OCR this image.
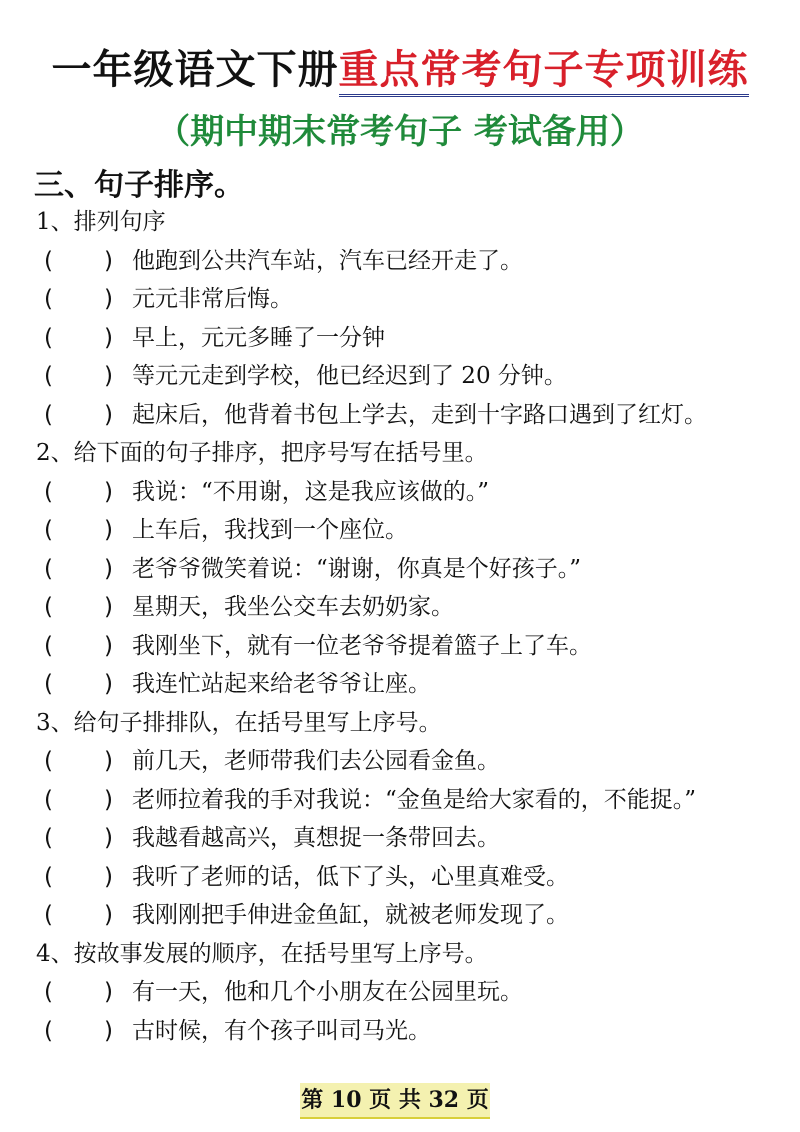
一年级语文下册重点常考句子专项训练
（期中期末常考句子 考试备用）
三、句子排序。
1、排列句序
( ) 他跑到公共汽车站，汽车已经开走了。
( ) 元元非常后悔。
( ) 早上，元元多睡了一分钟
( ) 等元元走到学校，他已经迟到了 20 分钟。
( ) 起床后，他背着书包上学去，走到十字路口遇到了红灯。
2、给下面的句子排序，把序号写在括号里。
( ) 我说：“不用谢，这是我应该做的。”
( ) 上车后，我找到一个座位。
( ) 老爷爷微笑着说：“谢谢，你真是个好孩子。”
( ) 星期天，我坐公交车去奶奶家。
( ) 我刚坐下，就有一位老爷爷提着篮子上了车。
( ) 我连忙站起来给老爷爷让座。
3、给句子排排队，在括号里写上序号。
( ) 前几天，老师带我们去公园看金鱼。
( ) 老师拉着我的手对我说：“金鱼是给大家看的，不能捉。”
( ) 我越看越高兴，真想捉一条带回去。
( ) 我听了老师的话，低下了头，心里真难受。
( ) 我刚刚把手伸进金鱼缸，就被老师发现了。
4、按故事发展的顺序，在括号里写上序号。
( ) 有一天，他和几个小朋友在公园里玩。
( ) 古时候，有个孩子叫司马光。
第 10 页 共 32 页
